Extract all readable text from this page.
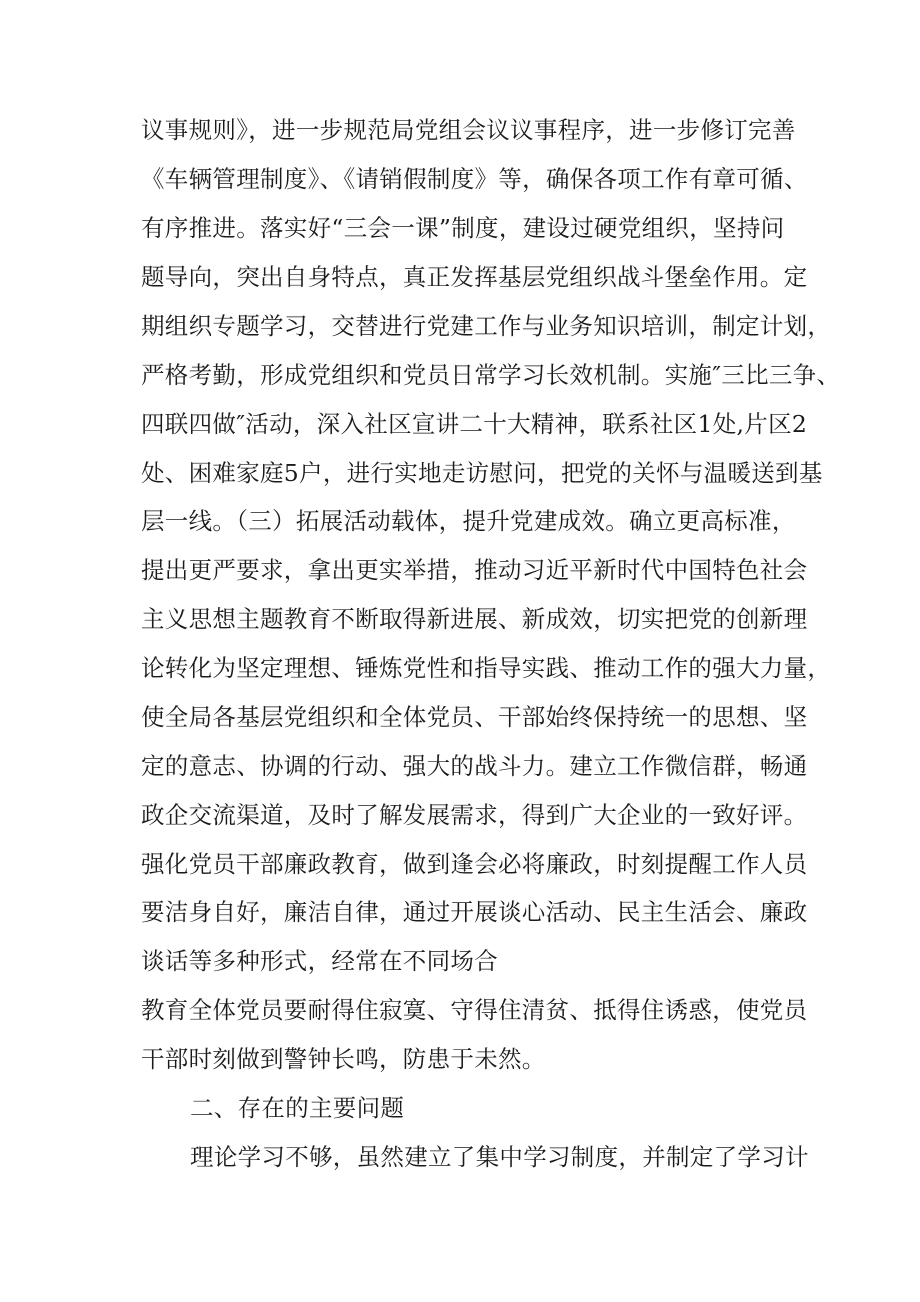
议事规则》，进一步规范局党组会议议事程序，进一步修订完善
《车辆管理制度》、《请销假制度》等，确保各项工作有章可循、
有序推进。落实好“三会一课”制度，建设过硬党组织，坚持问
题导向，突出自身特点，真正发挥基层党组织战斗堡垒作用。定
期组织专题学习，交替进行党建工作与业务知识培训，制定计划，
严格考勤，形成党组织和党员日常学习长效机制。实施″三比三争、
四联四做″活动，深入社区宣讲二十大精神，联系社区1处,片区2
处、困难家庭5户，进行实地走访慰问，把党的关怀与温暖送到基
层一线。（三）拓展活动载体，提升党建成效。确立更高标准，
提出更严要求，拿出更实举措，推动习近平新时代中国特色社会
主义思想主题教育不断取得新进展、新成效，切实把党的创新理
论转化为坚定理想、锤炼党性和指导实践、推动工作的强大力量，
使全局各基层党组织和全体党员、干部始终保持统一的思想、坚
定的意志、协调的行动、强大的战斗力。建立工作微信群，畅通
政企交流渠道，及时了解发展需求，得到广大企业的一致好评。
强化党员干部廉政教育，做到逢会必将廉政，时刻提醒工作人员
要洁身自好，廉洁自律，通过开展谈心活动、民主生活会、廉政
谈话等多种形式，经常在不同场合
教育全体党员要耐得住寂寞、守得住清贫、抵得住诱惑，使党员
干部时刻做到警钟长鸣，防患于未然。
二、存在的主要问题
理论学习不够，虽然建立了集中学习制度，并制定了学习计
